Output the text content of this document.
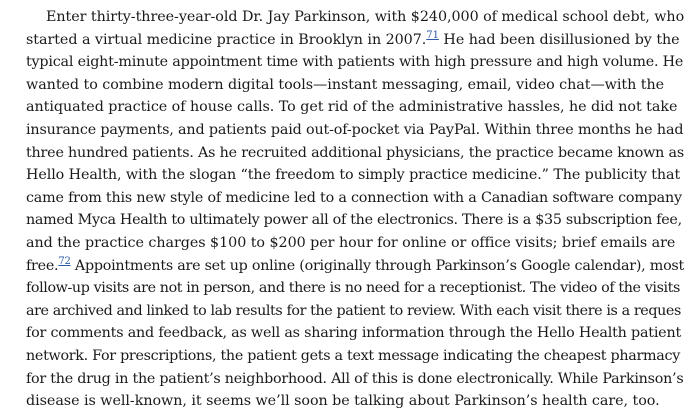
Enter thirty-three-year-old Dr. Jay Parkinson, with $240,000 of medical school debt, who
started a virtual medicine practice in Brooklyn in 2007.71 He had been disillusioned by the
typical eight-minute appointment time with patients with high pressure and high volume. He
wanted to combine modern digital tools—instant messaging, email, video chat—with the
antiquated practice of house calls. To get rid of the administrative hassles, he did not take
insurance payments, and patients paid out-of-pocket via PayPal. Within three months he had
three hundred patients. As he recruited additional physicians, the practice became known as
Hello Health, with the slogan “the freedom to simply practice medicine.” The publicity that
came from this new style of medicine led to a connection with a Canadian software company
named Myca Health to ultimately power all of the electronics. There is a $35 subscription fee,
and the practice charges $100 to $200 per hour for online or office visits; brief emails are
free.$^{72}$ Appointments are set up online (originally through Parkinson’s Google calendar), most
follow-up visits are not in person, and there is no need for a receptionist. The video of the visits
are archived and linked to lab results for the patient to review. With each visit there is a reques
for comments and feedback, as well as sharing information through the Hello Health patient
network. For prescriptions, the patient gets a text message indicating the cheapest pharmacy
for the drug in the patient’s neighborhood. All of this is done electronically. While Parkinson’s
disease is well-known, it seems we’ll soon be talking about Parkinson’s health care, too.
